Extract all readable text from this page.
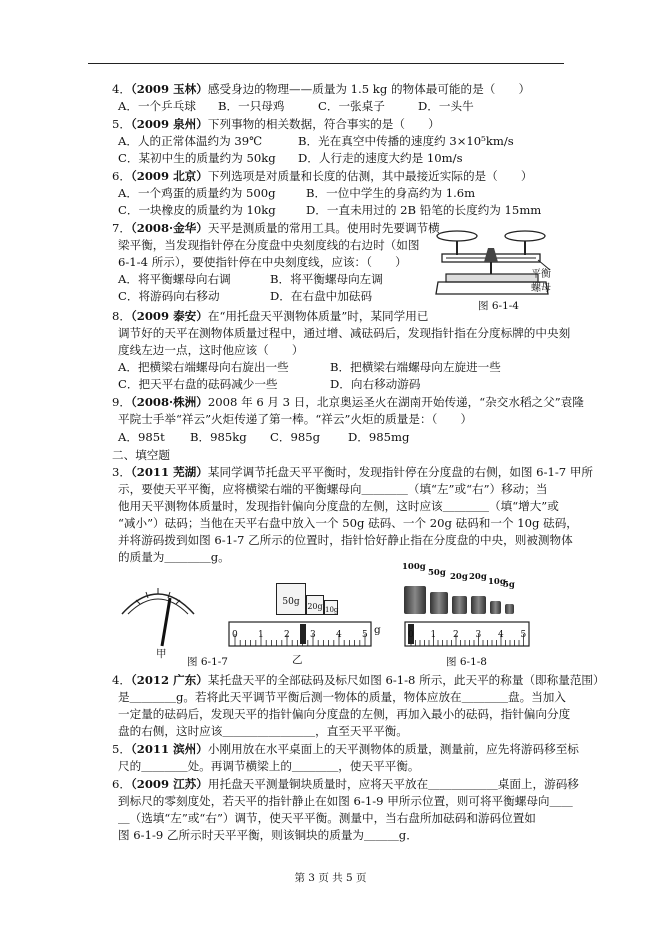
4．（2009 玉林）感受身边的物理——质量为 1.5 kg 的物体最可能的是（　　）
A．一个乒乓球 B．一只母鸡	C．一张桌子	D．一头牛
5．（2009 泉州）下列事物的相关数据，符合事实的是（　　）
A．人的正常体温约为 39℃	B．光在真空中传播的速度约 3×10⁵km/s
C．某初中生的质量约为 50kg D．人行走的速度大约是 10m/s
6．（2009 北京）下列选项是对质量和长度的估测，其中最接近实际的是（　　）
A．一个鸡蛋的质量约为 500g	B．一位中学生的身高约为 1.6m
C．一块橡皮的质量约为 10kg	D．一直未用过的 2B 铅笔的长度约为 15mm
7．（2008·金华）天平是测质量的常用工具。使用时先要调节横
梁平衡，当发现指针停在分度盘中央刻度线的右边时（如图
6-1-4 所示），要使指针停在中央刻度线，应该：（　　）
A．将平衡螺母向右调	B．将平衡螺母向左调
C．将游码向右移动	D．在右盘中加砝码
平衡
螺母
图 6-1-4
8．（2009 泰安）在“用托盘天平测物体质量”时，某同学用已
调节好的天平在测物体质量过程中，通过增、减砝码后，发现指针指在分度标牌的中央刻
度线左边一点，这时他应该（　　）
A．把横梁右端螺母向右旋出一些	B．把横梁右端螺母向左旋进一些
C．把天平右盘的砝码减少一些	D．向右移动游码
9．（2008·株洲）2008 年 6 月 3 日，北京奥运圣火在湖南开始传递，“杂交水稻之父”袁隆
平院士手举“祥云”火炬传递了第一棒。“祥云”火炬的质量是：（　　）
A．985t B．985kg C．985g D．985mg
二、填空题
3．（2011 芜湖）某同学调节托盘天平平衡时，发现指针停在分度盘的右侧，如图 6-1-7 甲所
示，要使天平平衡，应将横梁右端的平衡螺母向＿＿＿＿（填“左”或“右”）移动；当
他用天平测物体质量时，发现指针偏向分度盘的左侧，这时应该＿＿＿＿（填“增大”或
“减小”）砝码；当他在天平右盘中放入一个 50g 砝码、一个 20g 砝码和一个 10g 砝码，
并将游码拨到如图 6-1-7 乙所示的位置时，指针恰好静止指在分度盘的中央，则被测物体
的质量为＿＿＿＿g。
甲
图 6-1-7
50g 20g 10g
g
0 1 2 3 4 5
乙
100g
50g 20g 20g 10g
5g
0 1 2 3 4 5
图 6-1-8
4．（2012 广东）某托盘天平的全部砝码及标尺如图 6-1-8 所示，此天平的称量（即称量范围）
是＿＿＿＿g。若将此天平调节平衡后测一物体的质量，物体应放在＿＿＿＿盘。当加入
一定量的砝码后，发现天平的指针偏向分度盘的左侧，再加入最小的砝码，指针偏向分度
盘的右侧，这时应该＿＿＿＿＿＿＿＿，直至天平平衡。
5．（2011 滨州）小刚用放在水平桌面上的天平测物体的质量，测量前，应先将游码移至标
尺的＿＿＿＿处。再调节横梁上的＿＿＿＿，使天平平衡。
6．（2009 江苏）用托盘天平测量铜块质量时，应将天平放在＿＿＿＿＿＿桌面上，游码移
到标尺的零刻度处，若天平的指针静止在如图 6-1-9 甲所示位置，则可将平衡螺母向＿＿
＿（选填“左”或“右”）调节，使天平平衡。测量中，当右盘所加砝码和游码位置如
图 6-1-9 乙所示时天平平衡，则该铜块的质量为＿＿＿g．
第 3 页 共 5 页
